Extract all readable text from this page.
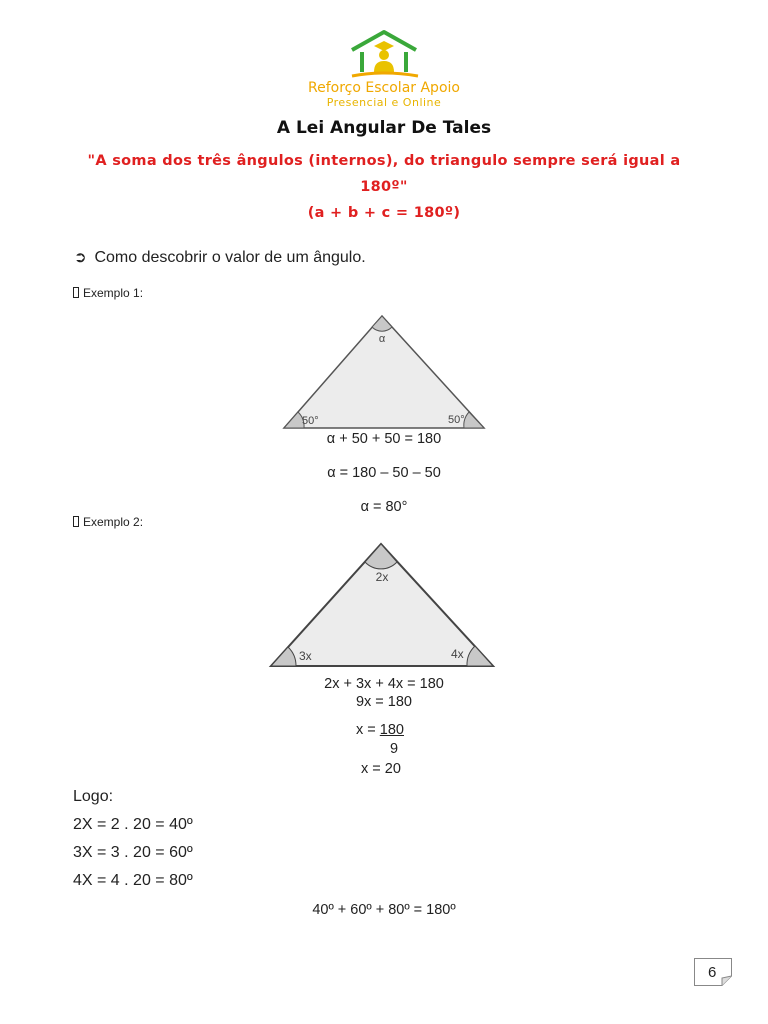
Reforço Escolar Apoio
Presencial e Online
A Lei Angular De Tales
"A soma dos três ângulos (internos), do triangulo sempre será igual a
180º"
(a + b + c = 180º)
➲ Como descobrir o valor de um ângulo.
Exemplo 1:
α
50°	50°
α + 50 + 50 = 180
α = 180 – 50 – 50
α = 80°
Exemplo 2:
2x
3x	4x
2x + 3x + 4x = 180
9x = 180
x = 180
9
x = 20
Logo:
2X = 2 . 20 = 40º
3X = 3 . 20 = 60º
4X = 4 . 20 = 80º
40º + 60º + 80º = 180º
6
